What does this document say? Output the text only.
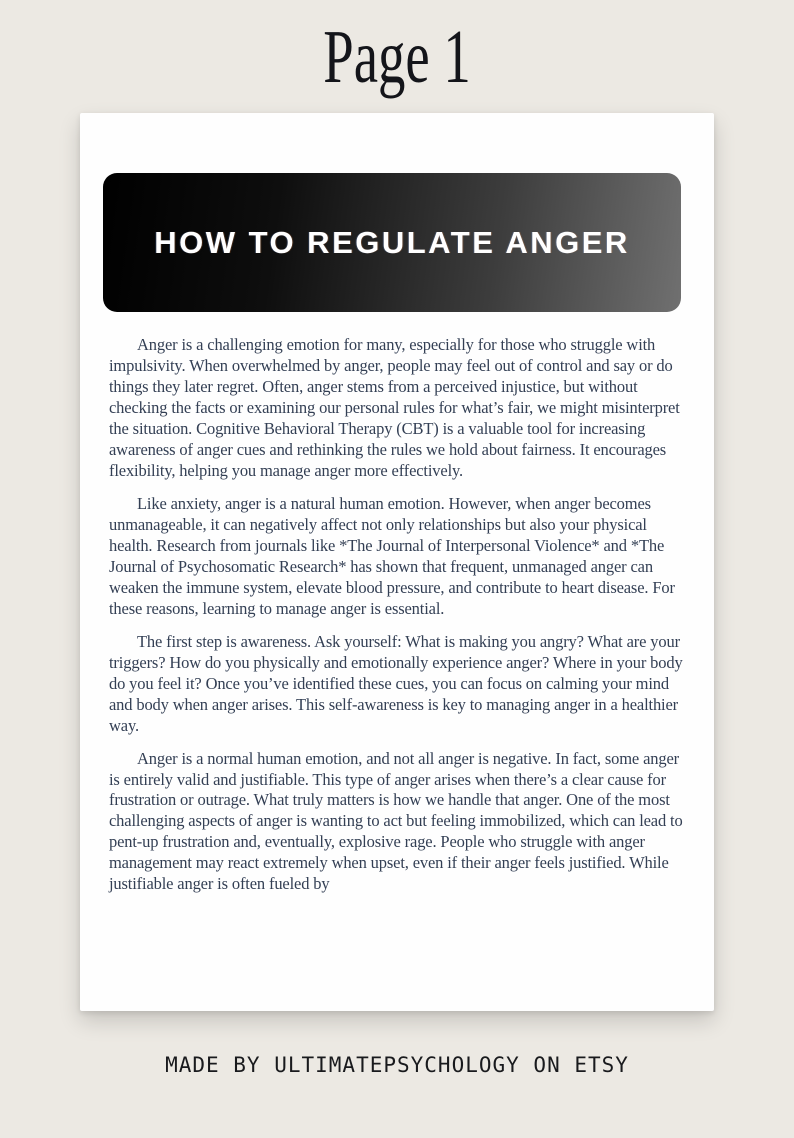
Page 1
HOW TO REGULATE ANGER

Anger is a challenging emotion for many, especially for those who struggle with impulsivity. When overwhelmed by anger, people may feel out of control and say or do things they later regret. Often, anger stems from a perceived injustice, but without checking the facts or examining our personal rules for what’s fair, we might misinterpret the situation. Cognitive Behavioral Therapy (CBT) is a valuable tool for increasing awareness of anger cues and rethinking the rules we hold about fairness. It encourages flexibility, helping you manage anger more effectively.

Like anxiety, anger is a natural human emotion. However, when anger becomes unmanageable, it can negatively affect not only relationships but also your physical health. Research from journals like *The Journal of Interpersonal Violence* and *The Journal of Psychosomatic Research* has shown that frequent, unmanaged anger can weaken the immune system, elevate blood pressure, and contribute to heart disease. For these reasons, learning to manage anger is essential.

The first step is awareness. Ask yourself: What is making you angry? What are your triggers? How do you physically and emotionally experience anger? Where in your body do you feel it? Once you’ve identified these cues, you can focus on calming your mind and body when anger arises. This self-awareness is key to managing anger in a healthier way.

Anger is a normal human emotion, and not all anger is negative. In fact, some anger is entirely valid and justifiable. This type of anger arises when there’s a clear cause for frustration or outrage. What truly matters is how we handle that anger. One of the most challenging aspects of anger is wanting to act but feeling immobilized, which can lead to pent-up frustration and, eventually, explosive rage. People who struggle with anger management may react extremely when upset, even if their anger feels justified. While justifiable anger is often fueled by

MADE BY ULTIMATEPSYCHOLOGY ON ETSY
